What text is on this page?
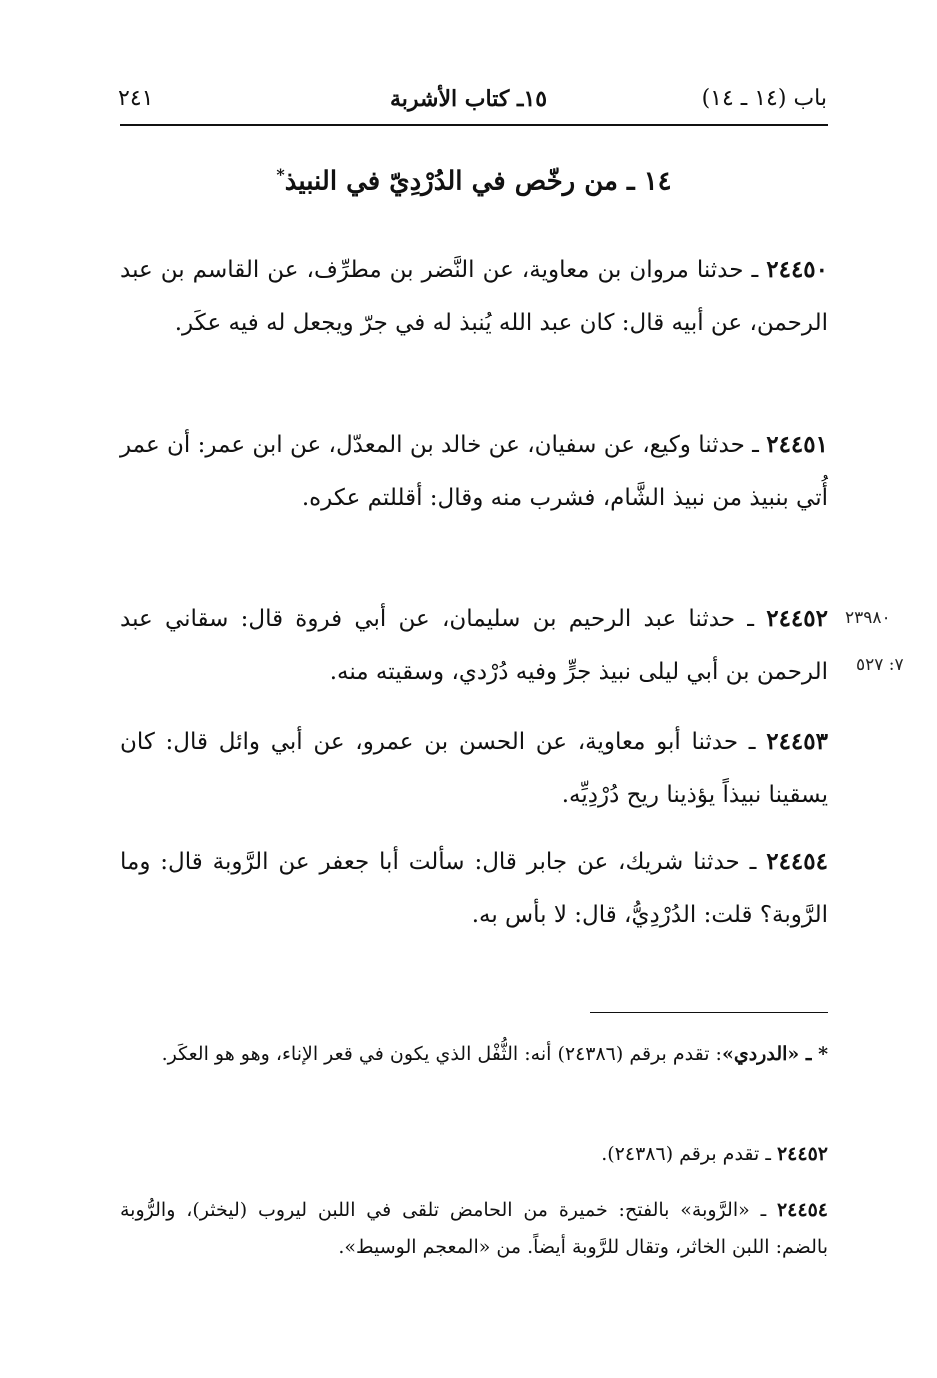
باب (١٤ ـ ١٤)
١٥ـ كتاب الأشربة
٢٤١
١٤ ـ من رخّص في الدُرْدِيّ في النبيذ*
٢٤٤٥٠ ـ حدثنا مروان بن معاوية، عن النَّضر بن مطرِّف، عن القاسم بن عبد الرحمن، عن أبيه قال: كان عبد الله يُنبذ له في جرّ ويجعل له فيه عكَر.
٢٤٤٥١ ـ حدثنا وكيع، عن سفيان، عن خالد بن المعدّل، عن ابن عمر: أن عمر أُتي بنبيذ من نبيذ الشَّام، فشرب منه وقال: أقللتم عكره.
٢٣٩٨٠
٧: ٥٢٧
٢٤٤٥٢ ـ حدثنا عبد الرحيم بن سليمان، عن أبي فروة قال: سقاني عبد الرحمن بن أبي ليلى نبيذ جرٍّ وفيه دُرْدي، وسقيته منه.
٢٤٤٥٣ ـ حدثنا أبو معاوية، عن الحسن بن عمرو، عن أبي وائل قال: كان يسقينا نبيذاً يؤذينا ريح دُرْدِيِّه.
٢٤٤٥٤ ـ حدثنا شريك، عن جابر قال: سألت أبا جعفر عن الرَّوبة قال: وما الرَّوبة؟ قلت: الدُرْدِيُّ، قال: لا بأس به.
* ـ «الدردي»: تقدم برقم (٢٤٣٨٦) أنه: الثُّفْل الذي يكون في قعر الإناء، وهو هو العكَر.
٢٤٤٥٢ ـ تقدم برقم (٢٤٣٨٦).
٢٤٤٥٤ ـ «الرَّوبة» بالفتح: خميرة من الحامض تلقى في اللبن ليروب (ليخثر)، والرُّوبة بالضم: اللبن الخاثر، وتقال للرَّوبة أيضاً. من «المعجم الوسيط».
